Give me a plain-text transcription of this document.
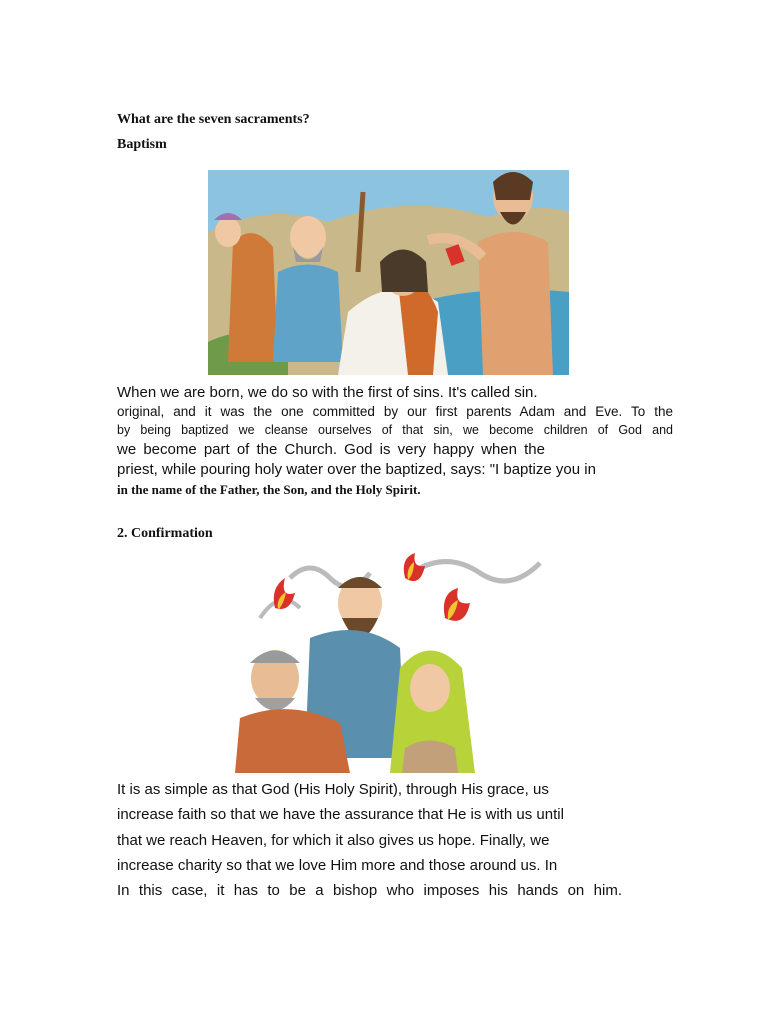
What are the seven sacraments?
Baptism
When we are born, we do so with the first of sins. It's called sin.
original, and it was the one committed by our first parents Adam and Eve. To the
by being baptized we cleanse ourselves of that sin, we become children of God and
we become part of the Church. God is very happy when the
priest, while pouring holy water over the baptized, says: "I baptize you in
in the name of the Father, the Son, and the Holy Spirit.
2. Confirmation
It is as simple as that God (His Holy Spirit), through His grace, us
increase faith so that we have the assurance that He is with us until
that we reach Heaven, for which it also gives us hope. Finally, we
increase charity so that we love Him more and those around us. In
In this case, it has to be a bishop who imposes his hands on him.
